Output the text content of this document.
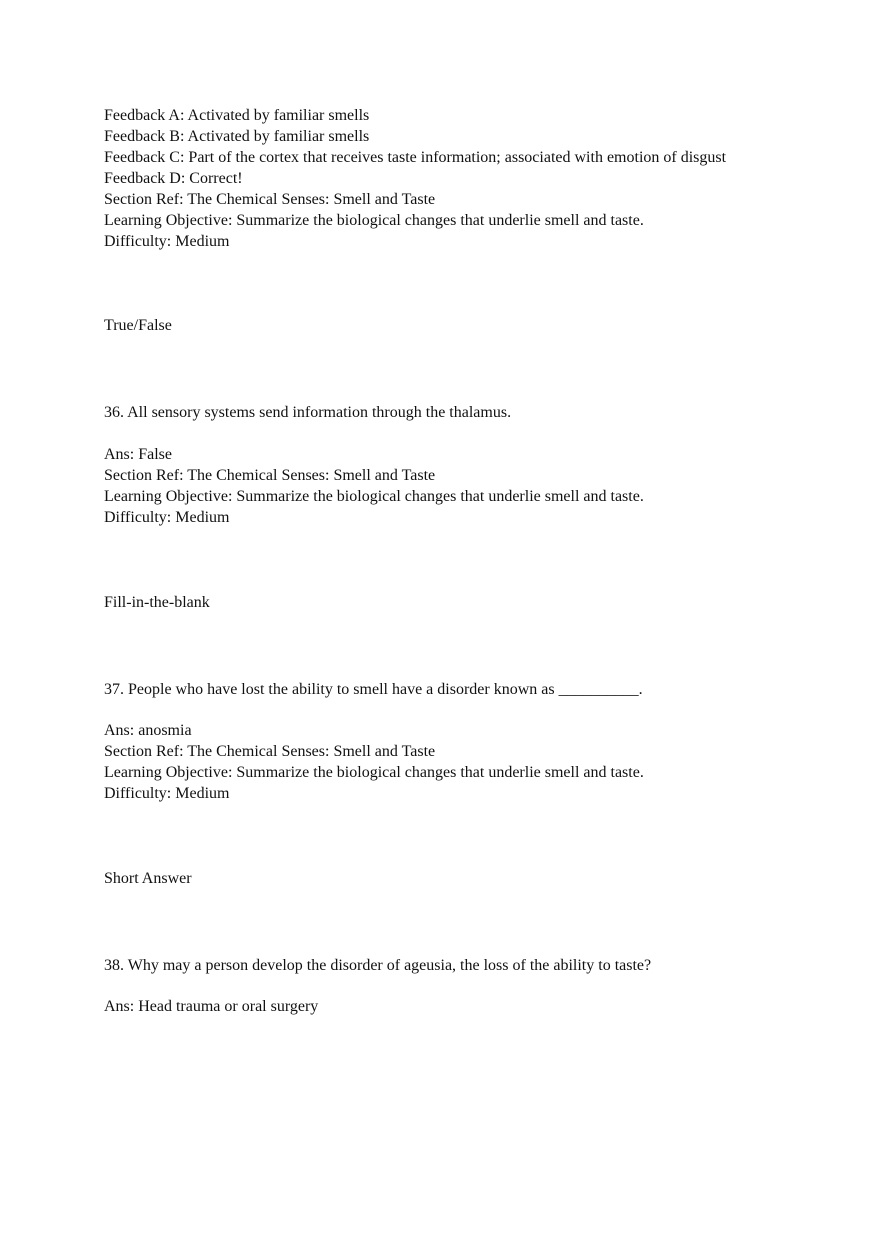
Feedback A: Activated by familiar smells

Feedback B: Activated by familiar smells

Feedback C: Part of the cortex that receives taste information; associated with emotion of disgust

Feedback D: Correct!

Section Ref: The Chemical Senses: Smell and Taste

Learning Objective: Summarize the biological changes that underlie smell and taste.

Difficulty: Medium

True/False

36. All sensory systems send information through the thalamus.

Ans: False

Section Ref: The Chemical Senses: Smell and Taste

Learning Objective: Summarize the biological changes that underlie smell and taste.

Difficulty: Medium

Fill-in-the-blank

37. People who have lost the ability to smell have a disorder known as __________.

Ans: anosmia

Section Ref: The Chemical Senses: Smell and Taste

Learning Objective: Summarize the biological changes that underlie smell and taste.

Difficulty: Medium

Short Answer

38. Why may a person develop the disorder of ageusia, the loss of the ability to taste?

Ans: Head trauma or oral surgery
